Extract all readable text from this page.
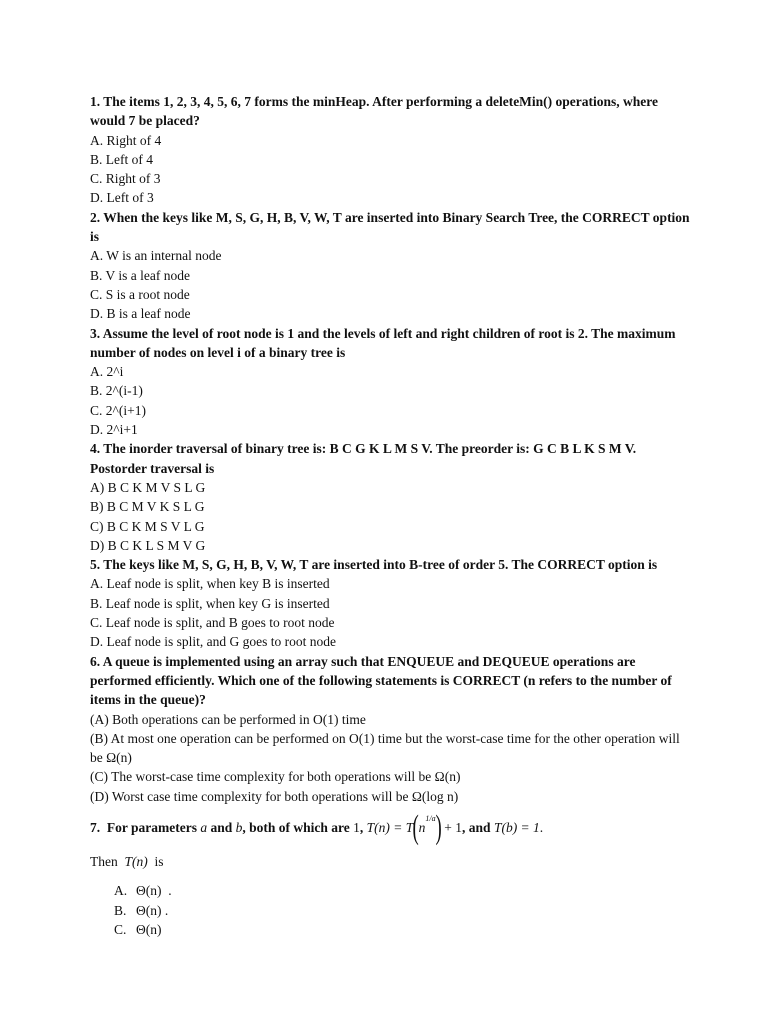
1. The items 1, 2, 3, 4, 5, 6, 7 forms the minHeap. After performing a deleteMin() operations, where would 7 be placed?
A. Right of 4
B. Left of 4
C. Right of 3
D. Left of 3
2. When the keys like M, S, G, H, B, V, W, T are inserted into Binary Search Tree, the CORRECT option is
A. W is an internal node
B. V is a leaf node
C. S is a root node
D. B is a leaf node
3. Assume the level of root node is 1 and the levels of left and right children of root is 2. The maximum number of nodes on level i of a binary tree is
A. 2^i
B. 2^(i-1)
C. 2^(i+1)
D. 2^i+1
4. The inorder traversal of binary tree is: B C G K L M S V. The preorder is: G C B L K S M V. Postorder traversal is
A) B C K M V S L G
B) B C M V K S L G
C) B C K M S V L G
D) B C K L S M V G
5. The keys like M, S, G, H, B, V, W, T are inserted into B-tree of order 5. The CORRECT option is
A. Leaf node is split, when key B is inserted
B. Leaf node is split, when key G is inserted
C. Leaf node is split, and B goes to root node
D. Leaf node is split, and G goes to root node
6. A queue is implemented using an array such that ENQUEUE and DEQUEUE operations are performed efficiently. Which one of the following statements is CORRECT (n refers to the number of items in the queue)?
(A) Both operations can be performed in O(1) time
(B) At most one operation can be performed on O(1) time but the worst-case time for the other operation will be Ω(n)
(C) The worst-case time complexity for both operations will be Ω(n)
(D) Worst case time complexity for both operations will be Ω(log n)
7.  For parameters a and b , both of which are 1 , T(n) = T ( n
1/a ) + 1 , and T(b) = 1 .
Then  T(n)  is
A. Θ(n)  .
B. Θ(n) .
C. Θ(n)
